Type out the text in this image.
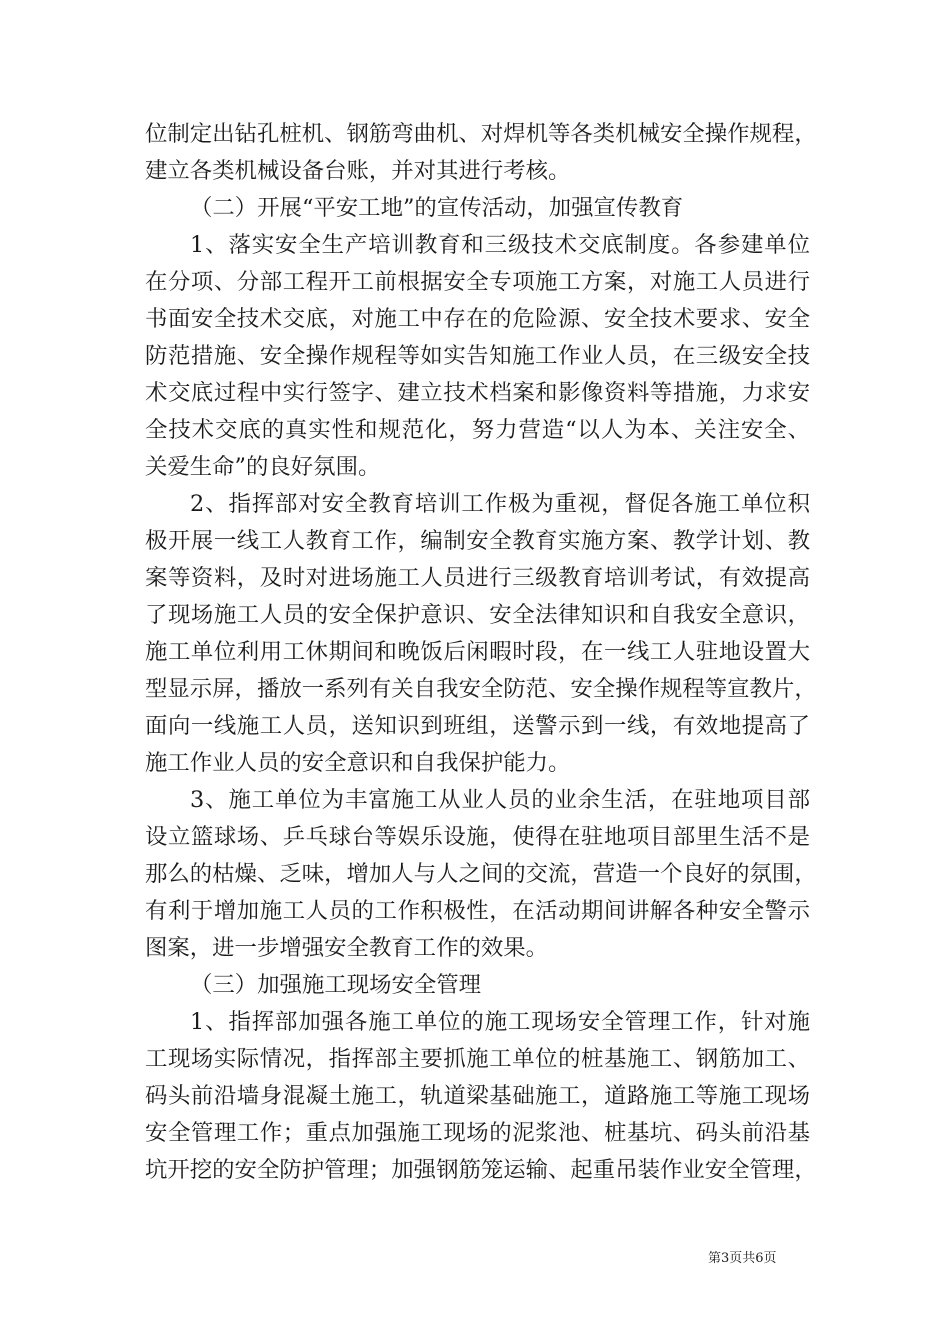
位制定出钻孔桩机、钢筋弯曲机、对焊机等各类机械安全操作规程，
建立各类机械设备台账，并对其进行考核。
（二）开展“平安工地”的宣传活动，加强宣传教育
1、落实安全生产培训教育和三级技术交底制度。各参建单位
在分项、分部工程开工前根据安全专项施工方案，对施工人员进行
书面安全技术交底，对施工中存在的危险源、安全技术要求、安全
防范措施、安全操作规程等如实告知施工作业人员，在三级安全技
术交底过程中实行签字、建立技术档案和影像资料等措施，力求安
全技术交底的真实性和规范化，努力营造“以人为本、关注安全、
关爱生命”的良好氛围。
2、指挥部对安全教育培训工作极为重视，督促各施工单位积
极开展一线工人教育工作，编制安全教育实施方案、教学计划、教
案等资料，及时对进场施工人员进行三级教育培训考试，有效提高
了现场施工人员的安全保护意识、安全法律知识和自我安全意识，
施工单位利用工休期间和晚饭后闲暇时段，在一线工人驻地设置大
型显示屏，播放一系列有关自我安全防范、安全操作规程等宣教片，
面向一线施工人员，送知识到班组，送警示到一线，有效地提高了
施工作业人员的安全意识和自我保护能力。
3、施工单位为丰富施工从业人员的业余生活，在驻地项目部
设立篮球场、乒乓球台等娱乐设施，使得在驻地项目部里生活不是
那么的枯燥、乏味，增加人与人之间的交流，营造一个良好的氛围，
有利于增加施工人员的工作积极性，在活动期间讲解各种安全警示
图案，进一步增强安全教育工作的效果。
（三）加强施工现场安全管理
1、指挥部加强各施工单位的施工现场安全管理工作，针对施
工现场实际情况，指挥部主要抓施工单位的桩基施工、钢筋加工、
码头前沿墙身混凝土施工，轨道梁基础施工，道路施工等施工现场
安全管理工作；重点加强施工现场的泥浆池、桩基坑、码头前沿基
坑开挖的安全防护管理；加强钢筋笼运输、起重吊装作业安全管理，
第3页共6页
